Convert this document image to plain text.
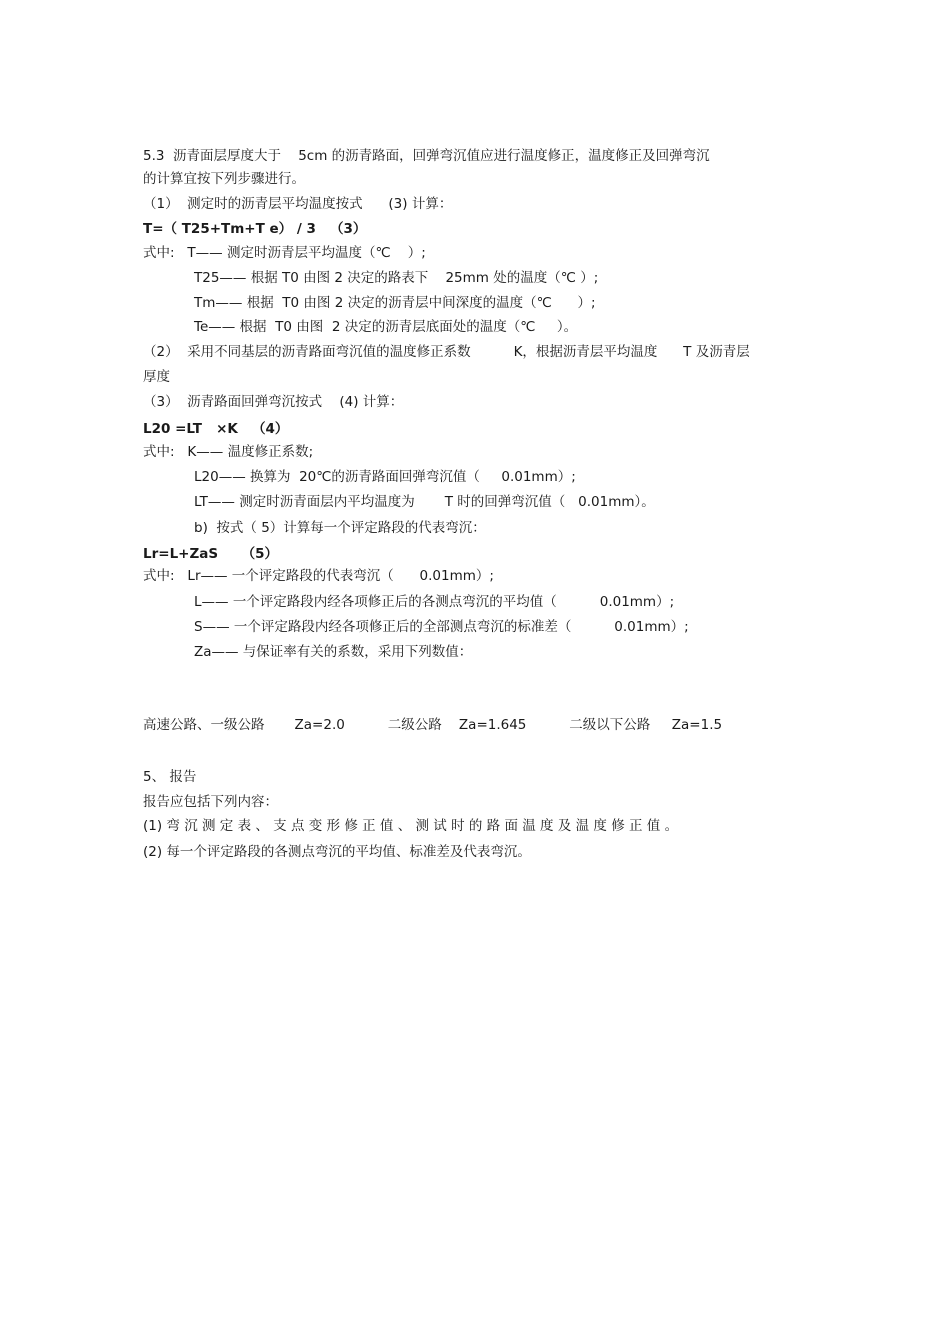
5.3  沥青面层厚度大于    5cm 的沥青路面，回弹弯沉值应进行温度修正，温度修正及回弹弯沉
的计算宜按下列步骤进行。
（1）  测定时的沥青层平均温度按式      (3) 计算：
T=（ T25+Tm+T e） / 3   （3）
式中:   T—— 测定时沥青层平均温度（℃    ）;
T25—— 根据 T0 由图 2 决定的路表下    25mm 处的温度（℃ ）;
Tm—— 根据  T0 由图 2 决定的沥青层中间深度的温度（℃      ）;
Te—— 根据  T0 由图  2 决定的沥青层底面处的温度（℃     ）。
（2）  采用不同基层的沥青路面弯沉值的温度修正系数          K，根据沥青层平均温度      T 及沥青层
厚度
（3）  沥青路面回弹弯沉按式    (4) 计算：
L20 =LT   ×K   （4）
式中:   K—— 温度修正系数;
L20—— 换算为  20℃的沥青路面回弹弯沉值（     0.01mm）;
LT—— 测定时沥青面层内平均温度为       T 时的回弹弯沉值（   0.01mm）。
b)  按式（ 5）计算每一个评定路段的代表弯沉：
Lr=L+ZaS     （5）
式中:   Lr—— 一个评定路段的代表弯沉（      0.01mm）;
L—— 一个评定路段内经各项修正后的各测点弯沉的平均值（          0.01mm）;
S—— 一个评定路段内经各项修正后的全部测点弯沉的标准差（          0.01mm）;
Za—— 与保证率有关的系数，采用下列数值：
高速公路、一级公路       Za=2.0          二级公路    Za=1.645          二级以下公路     Za=1.5
5、 报告
报告应包括下列内容：
(1) 弯 沉 测 定 表 、 支 点 变 形 修 正 值 、 测 试 时 的 路 面 温 度 及 温 度 修 正 值 。
(2) 每一个评定路段的各测点弯沉的平均值、标准差及代表弯沉。
